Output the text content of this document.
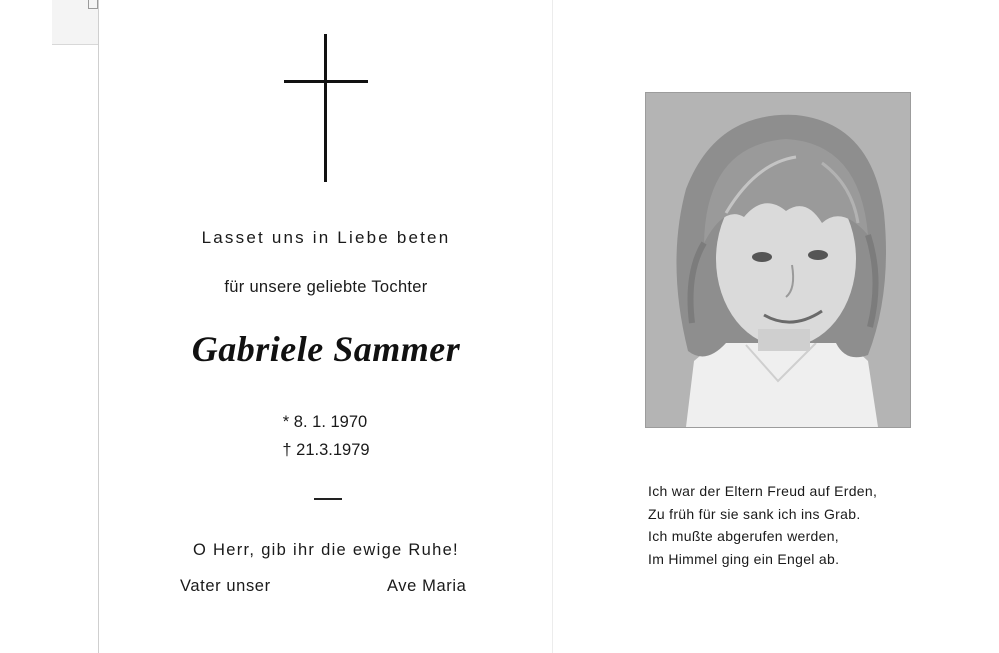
Lasset uns in Liebe beten
für unsere geliebte Tochter
Gabriele Sammer
* 8. 1. 1970
† 21.3.1979
O Herr, gib ihr die ewige Ruhe!
Vater unser	Ave Maria
Ich war der Eltern Freud auf Erden,
Zu früh für sie sank ich ins Grab.
Ich mußte abgerufen werden,
Im Himmel ging ein Engel ab.
